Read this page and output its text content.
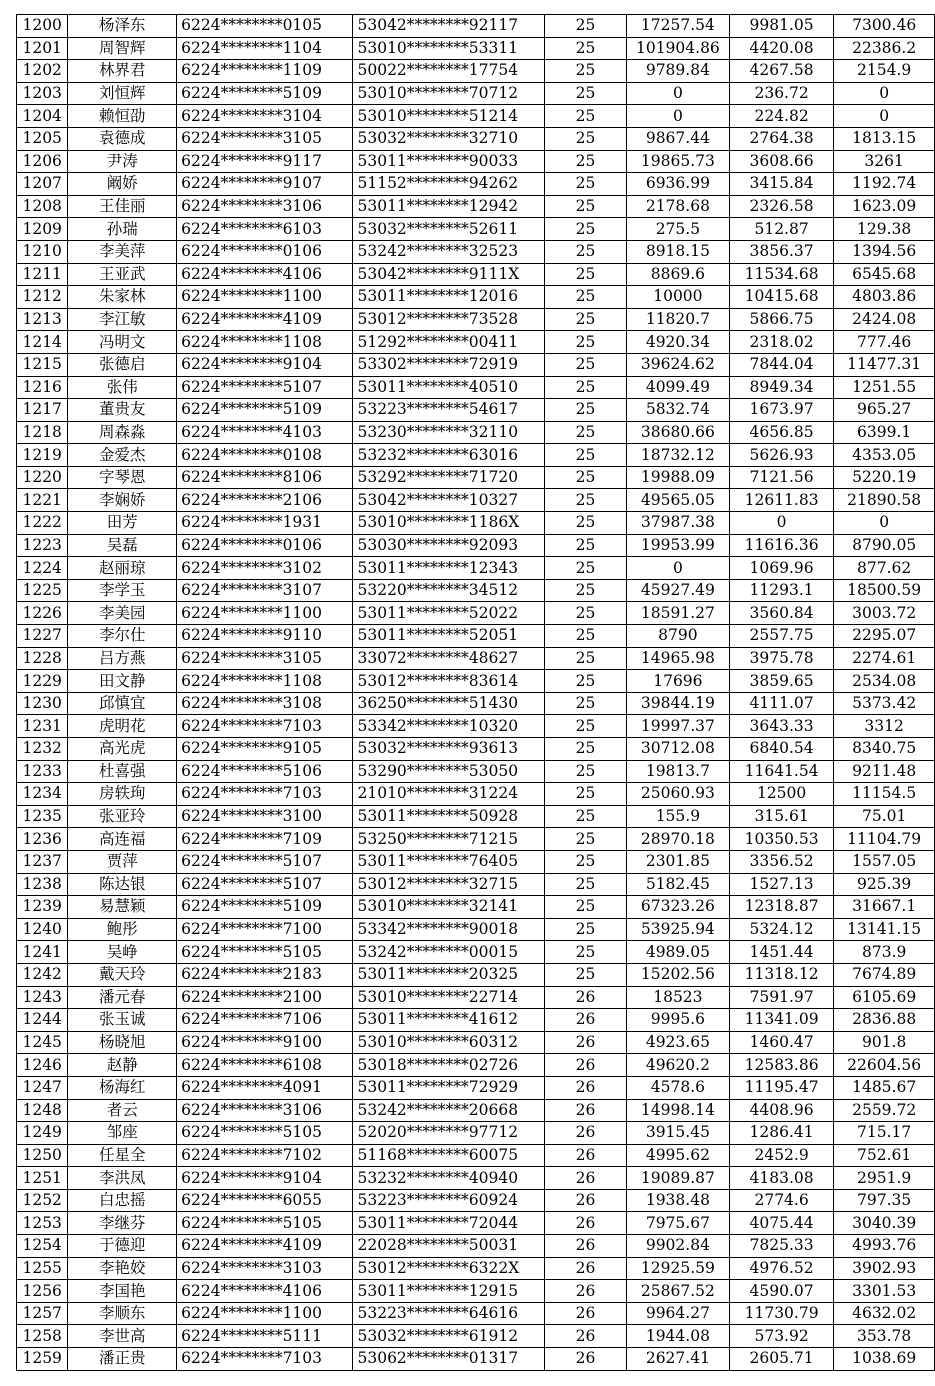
1200	杨泽东	6224********0105	53042********92117	25	17257.54	9981.05	7300.46
1201	周智辉	6224********1104	53010********53311	25	101904.86	4420.08	22386.2
1202	林界君	6224********1109	50022********17754	25	9789.84	4267.58	2154.9
1203	刘恒辉	6224********5109	53010********70712	25	0	236.72	0
1204	赖恒劭	6224********3104	53010********51214	25	0	224.82	0
1205	袁德成	6224********3105	53032********32710	25	9867.44	2764.38	1813.15
1206	尹涛	6224********9117	53011********90033	25	19865.73	3608.66	3261
1207	阚娇	6224********9107	51152********94262	25	6936.99	3415.84	1192.74
1208	王佳丽	6224********3106	53011********12942	25	2178.68	2326.58	1623.09
1209	孙瑞	6224********6103	53032********52611	25	275.5	512.87	129.38
1210	李美萍	6224********0106	53242********32523	25	8918.15	3856.37	1394.56
1211	王亚武	6224********4106	53042********9111X	25	8869.6	11534.68	6545.68
1212	朱家林	6224********1100	53011********12016	25	10000	10415.68	4803.86
1213	李江敏	6224********4109	53012********73528	25	11820.7	5866.75	2424.08
1214	冯明文	6224********1108	51292********00411	25	4920.34	2318.02	777.46
1215	张德启	6224********9104	53302********72919	25	39624.62	7844.04	11477.31
1216	张伟	6224********5107	53011********40510	25	4099.49	8949.34	1251.55
1217	董贵友	6224********5109	53223********54617	25	5832.74	1673.97	965.27
1218	周森淼	6224********4103	53230********32110	25	38680.66	4656.85	6399.1
1219	金爱杰	6224********0108	53232********63016	25	18732.12	5626.93	4353.05
1220	字琴恩	6224********8106	53292********71720	25	19988.09	7121.56	5220.19
1221	李娴娇	6224********2106	53042********10327	25	49565.05	12611.83	21890.58
1222	田芳	6224********1931	53010********1186X	25	37987.38	0	0
1223	吴磊	6224********0106	53030********92093	25	19953.99	11616.36	8790.05
1224	赵丽琼	6224********3102	53011********12343	25	0	1069.96	877.62
1225	李学玉	6224********3107	53220********34512	25	45927.49	11293.1	18500.59
1226	李美园	6224********1100	53011********52022	25	18591.27	3560.84	3003.72
1227	李尔仕	6224********9110	53011********52051	25	8790	2557.75	2295.07
1228	吕方燕	6224********3105	33072********48627	25	14965.98	3975.78	2274.61
1229	田文静	6224********1108	53012********83614	25	17696	3859.65	2534.08
1230	邱慎宜	6224********3108	36250********51430	25	39844.19	4111.07	5373.42
1231	虎明花	6224********7103	53342********10320	25	19997.37	3643.33	3312
1232	高光虎	6224********9105	53032********93613	25	30712.08	6840.54	8340.75
1233	杜喜强	6224********5106	53290********53050	25	19813.7	11641.54	9211.48
1234	房轶珣	6224********7103	21010********31224	25	25060.93	12500	11154.5
1235	张亚玲	6224********3100	53011********50928	25	155.9	315.61	75.01
1236	高连福	6224********7109	53250********71215	25	28970.18	10350.53	11104.79
1237	贾萍	6224********5107	53011********76405	25	2301.85	3356.52	1557.05
1238	陈达银	6224********5107	53012********32715	25	5182.45	1527.13	925.39
1239	易慧颖	6224********5109	53010********32141	25	67323.26	12318.87	31667.1
1240	鲍彤	6224********7100	53342********90018	25	53925.94	5324.12	13141.15
1241	吴峥	6224********5105	53242********00015	25	4989.05	1451.44	873.9
1242	戴天玲	6224********2183	53011********20325	25	15202.56	11318.12	7674.89
1243	潘元春	6224********2100	53010********22714	26	18523	7591.97	6105.69
1244	张玉诚	6224********7106	53011********41612	26	9995.6	11341.09	2836.88
1245	杨晓旭	6224********9100	53010********60312	26	4923.65	1460.47	901.8
1246	赵静	6224********6108	53018********02726	26	49620.2	12583.86	22604.56
1247	杨海红	6224********4091	53011********72929	26	4578.6	11195.47	1485.67
1248	者云	6224********3106	53242********20668	26	14998.14	4408.96	2559.72
1249	邹座	6224********5105	52020********97712	26	3915.45	1286.41	715.17
1250	任星全	6224********7102	51168********60075	26	4995.62	2452.9	752.61
1251	李洪凤	6224********9104	53232********40940	26	19089.87	4183.08	2951.9
1252	白忠摇	6224********6055	53223********60924	26	1938.48	2774.6	797.35
1253	李继芬	6224********5105	53011********72044	26	7975.67	4075.44	3040.39
1254	于德迎	6224********4109	22028********50031	26	9902.84	7825.33	4993.76
1255	李艳姣	6224********3103	53012********6322X	26	12925.59	4976.52	3902.93
1256	李国艳	6224********4106	53011********12915	26	25867.52	4590.07	3301.53
1257	李顺东	6224********1100	53223********64616	26	9964.27	11730.79	4632.02
1258	李世高	6224********5111	53032********61912	26	1944.08	573.92	353.78
1259	潘正贵	6224********7103	53062********01317	26	2627.41	2605.71	1038.69
